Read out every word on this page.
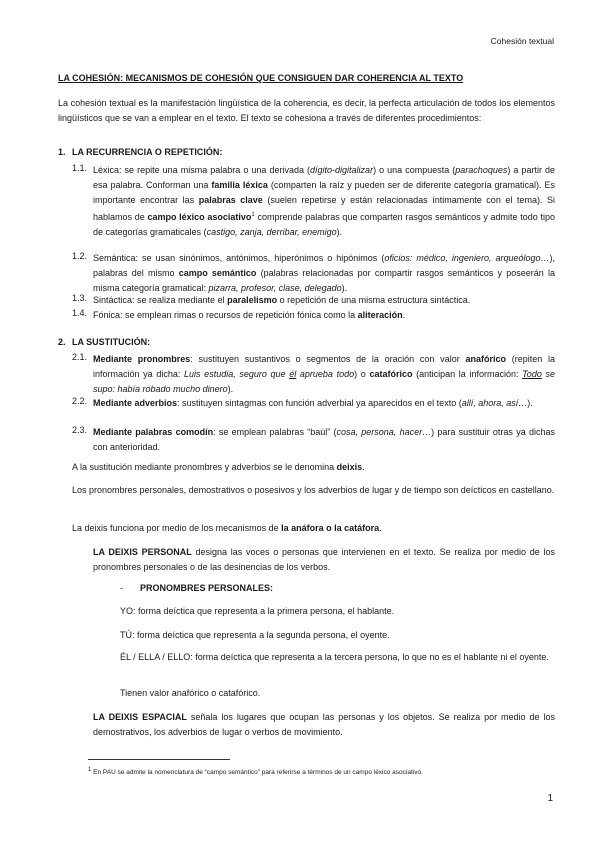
Cohesión textual
LA COHESIÓN: MECANISMOS DE COHESIÓN QUE CONSIGUEN DAR COHERENCIA AL TEXTO

La cohesión textual es la manifestación lingüística de la coherencia, es decir, la perfecta articulación de todos los elementos lingüísticos que se van a emplear en el texto. El texto se cohesiona a través de diferentes procedimientos:

1. LA RECURRENCIA O REPETICIÓN:
1.1. Léxica: se repite una misma palabra o una derivada (dígito-digitalizar) o una compuesta (parachoques) a partir de esa palabra. Conforman una familia léxica (comparten la raíz y pueden ser de diferente categoría gramatical). Es importante encontrar las palabras clave (suelen repetirse y están relacionadas íntimamente con el tema). Si hablamos de campo léxico asociativo$^1$ comprende palabras que comparten rasgos semánticos y admite todo tipo de categorías gramaticales (castigo, zanja, derribar, enemigo).

1.2. Semántica: se usan sinónimos, antónimos, hiperónimos o hipónimos (oficios: médico, ingeniero, arqueólogo…), palabras del mismo campo semántico (palabras relacionadas por compartir rasgos semánticos y poseerán la misma categoría gramatical: pizarra, profesor, clase, delegado).

1.3. Sintáctica: se realiza mediante el paralelismo o repetición de una misma estructura sintáctica.

1.4. Fónica: se emplean rimas o recursos de repetición fónica como la aliteración.

2. LA SUSTITUCIÓN:
2.1. Mediante pronombres: sustituyen sustantivos o segmentos de la oración con valor anafórico (repiten la información ya dicha: Luis estudia, seguro que él aprueba todo) o catafórico (anticipan la información: Todo se supo: había robado mucho dinero).

2.2. Mediante adverbios: sustituyen sintagmas con función adverbial ya aparecidos en el texto (allí, ahora, así…).

2.3. Mediante palabras comodín: se emplean palabras “baúl” (cosa, persona, hacer…) para sustituir otras ya dichas con anterioridad.

A la sustitución mediante pronombres y adverbios se le denomina deixis.

Los pronombres personales, demostrativos o posesivos y los adverbios de lugar y de tiempo son deícticos en castellano.

La deixis funciona por medio de los mecanismos de la anáfora o la catáfora.

LA DEIXIS PERSONAL designa las voces o personas que intervienen en el texto. Se realiza por medio de los pronombres personales o de las desinencias de los verbos.

- PRONOMBRES PERSONALES:

YO: forma deíctica que representa a la primera persona, el hablante.

TÚ: forma deíctica que representa a la segunda persona, el oyente.

ÉL / ELLA / ELLO: forma deíctica que representa a la tercera persona, lo que no es el hablante ni el oyente.

Tienen valor anafórico o catafórico.

LA DEIXIS ESPACIAL señala los lugares que ocupan las personas y los objetos. Se realiza por medio de los demostrativos, los adverbios de lugar o verbos de movimiento.

1 En PAU se admite la nomenclatura de “campo semántico” para referirse a términos de un campo léxico asociativo.
1
